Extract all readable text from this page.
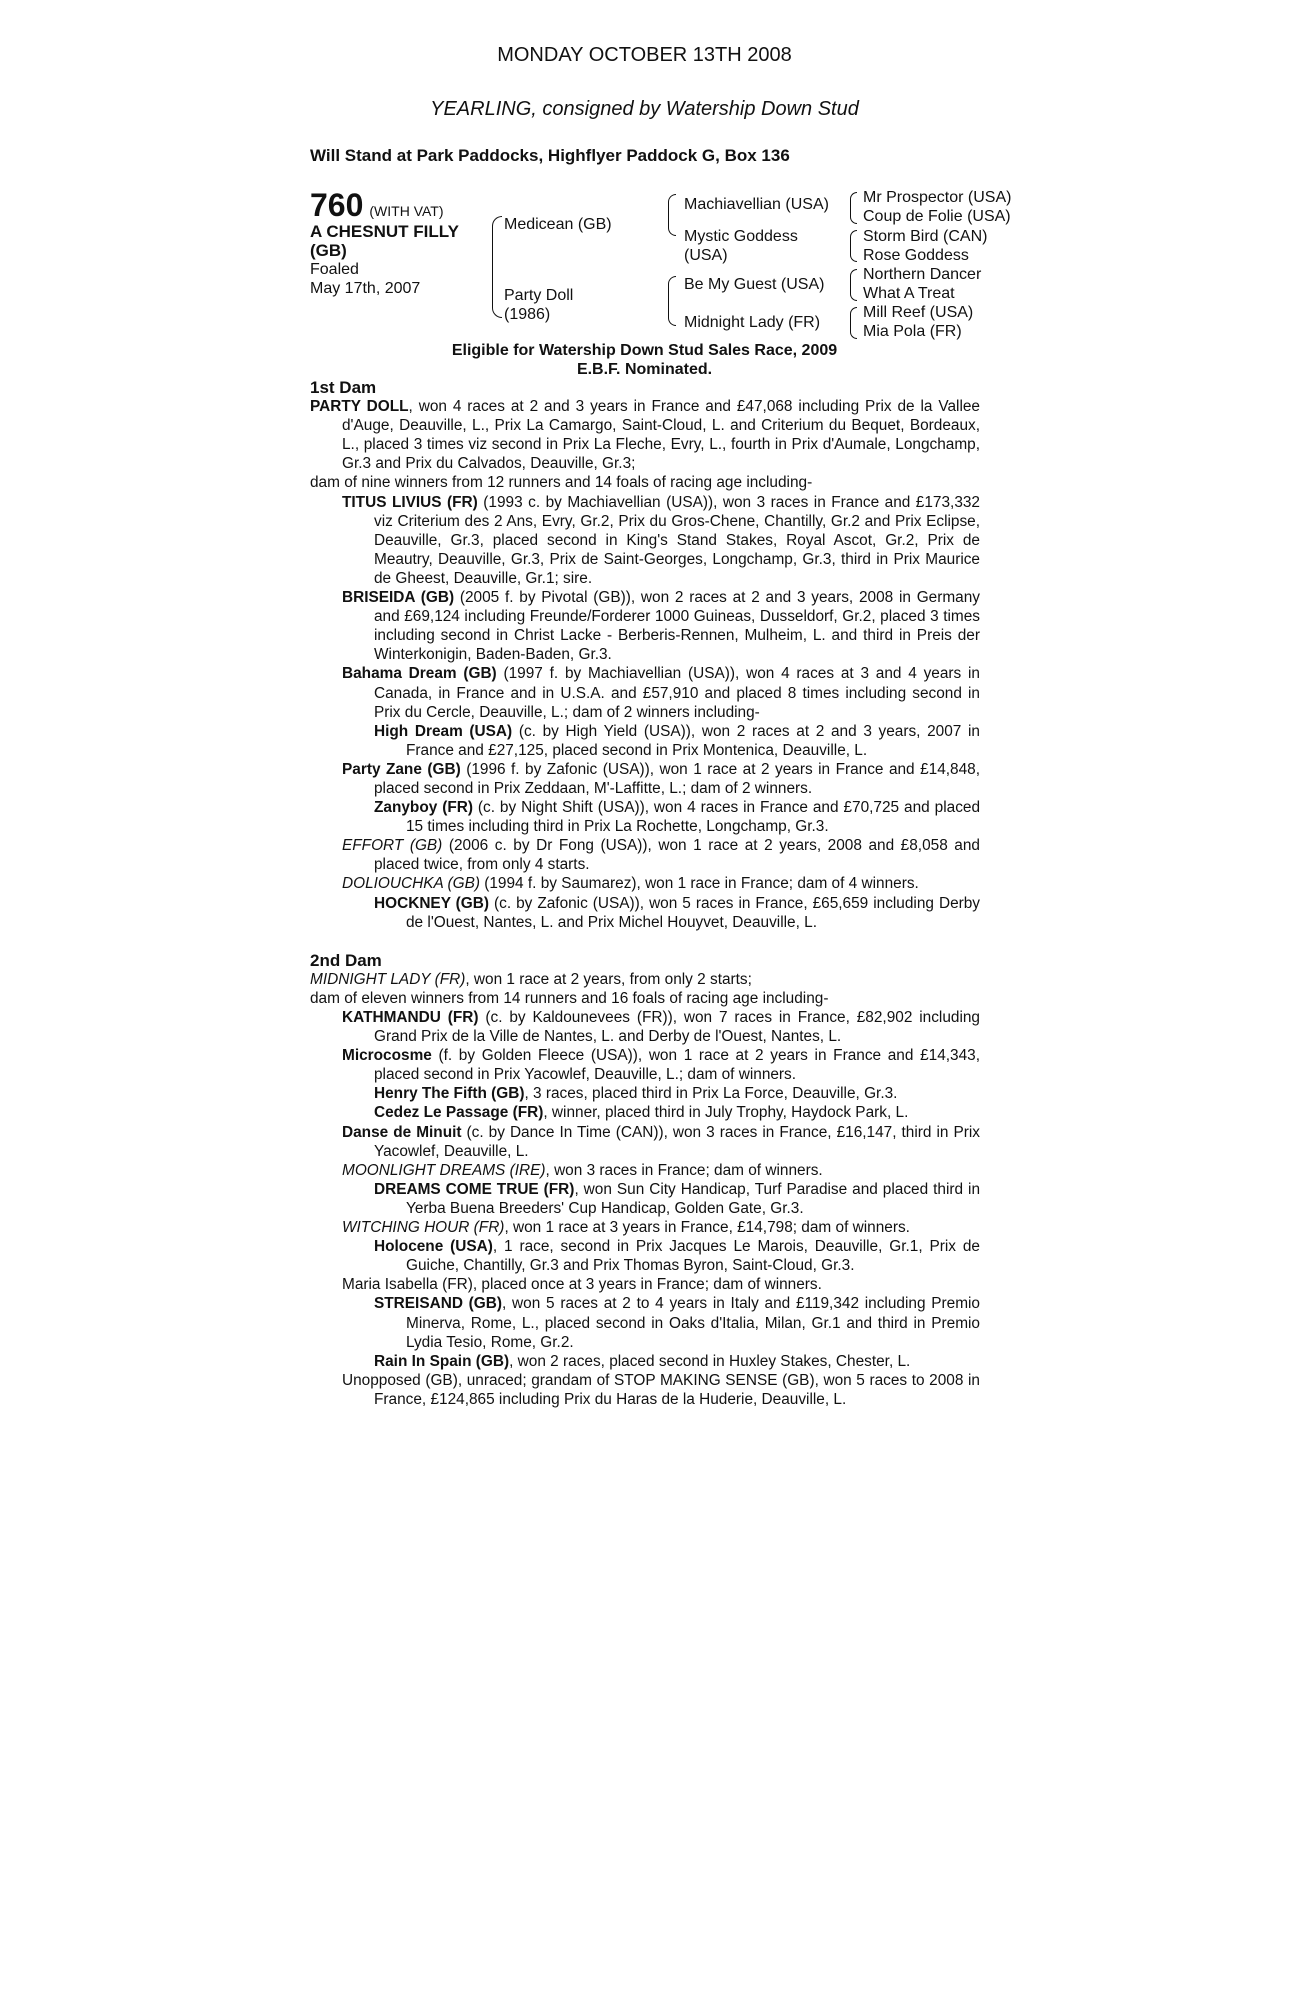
MONDAY OCTOBER 13TH 2008
YEARLING, consigned by Watership Down Stud
Will Stand at Park Paddocks, Highflyer Paddock G, Box 136
760 (WITH VAT)
A CHESNUT FILLY
(GB)
Foaled
May 17th, 2007
Medicean (GB)
Party Doll
(1986)
Machiavellian (USA)
Mystic Goddess
(USA)
Be My Guest (USA)
Midnight Lady (FR)
Mr Prospector (USA)
Coup de Folie (USA)
Storm Bird (CAN)
Rose Goddess
Northern Dancer
What A Treat
Mill Reef (USA)
Mia Pola (FR)
Eligible for Watership Down Stud Sales Race, 2009
E.B.F. Nominated.
1st Dam

PARTY DOLL, won 4 races at 2 and 3 years in France and £47,068 including Prix de la Vallee d'Auge, Deauville, L., Prix La Camargo, Saint-Cloud, L. and Criterium du Bequet, Bordeaux, L., placed 3 times viz second in Prix La Fleche, Evry, L., fourth in Prix d'Aumale, Longchamp, Gr.3 and Prix du Calvados, Deauville, Gr.3;

dam of nine winners from 12 runners and 14 foals of racing age including-

TITUS LIVIUS (FR) (1993 c. by Machiavellian (USA)), won 3 races in France and £173,332 viz Criterium des 2 Ans, Evry, Gr.2, Prix du Gros-Chene, Chantilly, Gr.2 and Prix Eclipse, Deauville, Gr.3, placed second in King's Stand Stakes, Royal Ascot, Gr.2, Prix de Meautry, Deauville, Gr.3, Prix de Saint-Georges, Longchamp, Gr.3, third in Prix Maurice de Gheest, Deauville, Gr.1; sire.

BRISEIDA (GB) (2005 f. by Pivotal (GB)), won 2 races at 2 and 3 years, 2008 in Germany and £69,124 including Freunde/Forderer 1000 Guineas, Dusseldorf, Gr.2, placed 3 times including second in Christ Lacke - Berberis-Rennen, Mulheim, L. and third in Preis der Winterkonigin, Baden-Baden, Gr.3.

Bahama Dream (GB) (1997 f. by Machiavellian (USA)), won 4 races at 3 and 4 years in Canada, in France and in U.S.A. and £57,910 and placed 8 times including second in Prix du Cercle, Deauville, L.; dam of 2 winners including-

High Dream (USA) (c. by High Yield (USA)), won 2 races at 2 and 3 years, 2007 in France and £27,125, placed second in Prix Montenica, Deauville, L.

Party Zane (GB) (1996 f. by Zafonic (USA)), won 1 race at 2 years in France and £14,848, placed second in Prix Zeddaan, M'-Laffitte, L.; dam of 2 winners.

Zanyboy (FR) (c. by Night Shift (USA)), won 4 races in France and £70,725 and placed 15 times including third in Prix La Rochette, Longchamp, Gr.3.

EFFORT (GB) (2006 c. by Dr Fong (USA)), won 1 race at 2 years, 2008 and £8,058 and placed twice, from only 4 starts.

DOLIOUCHKA (GB) (1994 f. by Saumarez), won 1 race in France; dam of 4 winners.

HOCKNEY (GB) (c. by Zafonic (USA)), won 5 races in France, £65,659 including Derby de l'Ouest, Nantes, L. and Prix Michel Houyvet, Deauville, L.

2nd Dam

MIDNIGHT LADY (FR), won 1 race at 2 years, from only 2 starts;

dam of eleven winners from 14 runners and 16 foals of racing age including-

KATHMANDU (FR) (c. by Kaldounevees (FR)), won 7 races in France, £82,902 including Grand Prix de la Ville de Nantes, L. and Derby de l'Ouest, Nantes, L.

Microcosme (f. by Golden Fleece (USA)), won 1 race at 2 years in France and £14,343, placed second in Prix Yacowlef, Deauville, L.; dam of winners.

Henry The Fifth (GB), 3 races, placed third in Prix La Force, Deauville, Gr.3.

Cedez Le Passage (FR), winner, placed third in July Trophy, Haydock Park, L.

Danse de Minuit (c. by Dance In Time (CAN)), won 3 races in France, £16,147, third in Prix Yacowlef, Deauville, L.

MOONLIGHT DREAMS (IRE), won 3 races in France; dam of winners.

DREAMS COME TRUE (FR), won Sun City Handicap, Turf Paradise and placed third in Yerba Buena Breeders' Cup Handicap, Golden Gate, Gr.3.

WITCHING HOUR (FR), won 1 race at 3 years in France, £14,798; dam of winners.

Holocene (USA), 1 race, second in Prix Jacques Le Marois, Deauville, Gr.1, Prix de Guiche, Chantilly, Gr.3 and Prix Thomas Byron, Saint-Cloud, Gr.3.

Maria Isabella (FR), placed once at 3 years in France; dam of winners.

STREISAND (GB), won 5 races at 2 to 4 years in Italy and £119,342 including Premio Minerva, Rome, L., placed second in Oaks d'Italia, Milan, Gr.1 and third in Premio Lydia Tesio, Rome, Gr.2.

Rain In Spain (GB), won 2 races, placed second in Huxley Stakes, Chester, L.

Unopposed (GB), unraced; grandam of STOP MAKING SENSE (GB), won 5 races to 2008 in France, £124,865 including Prix du Haras de la Huderie, Deauville, L.
